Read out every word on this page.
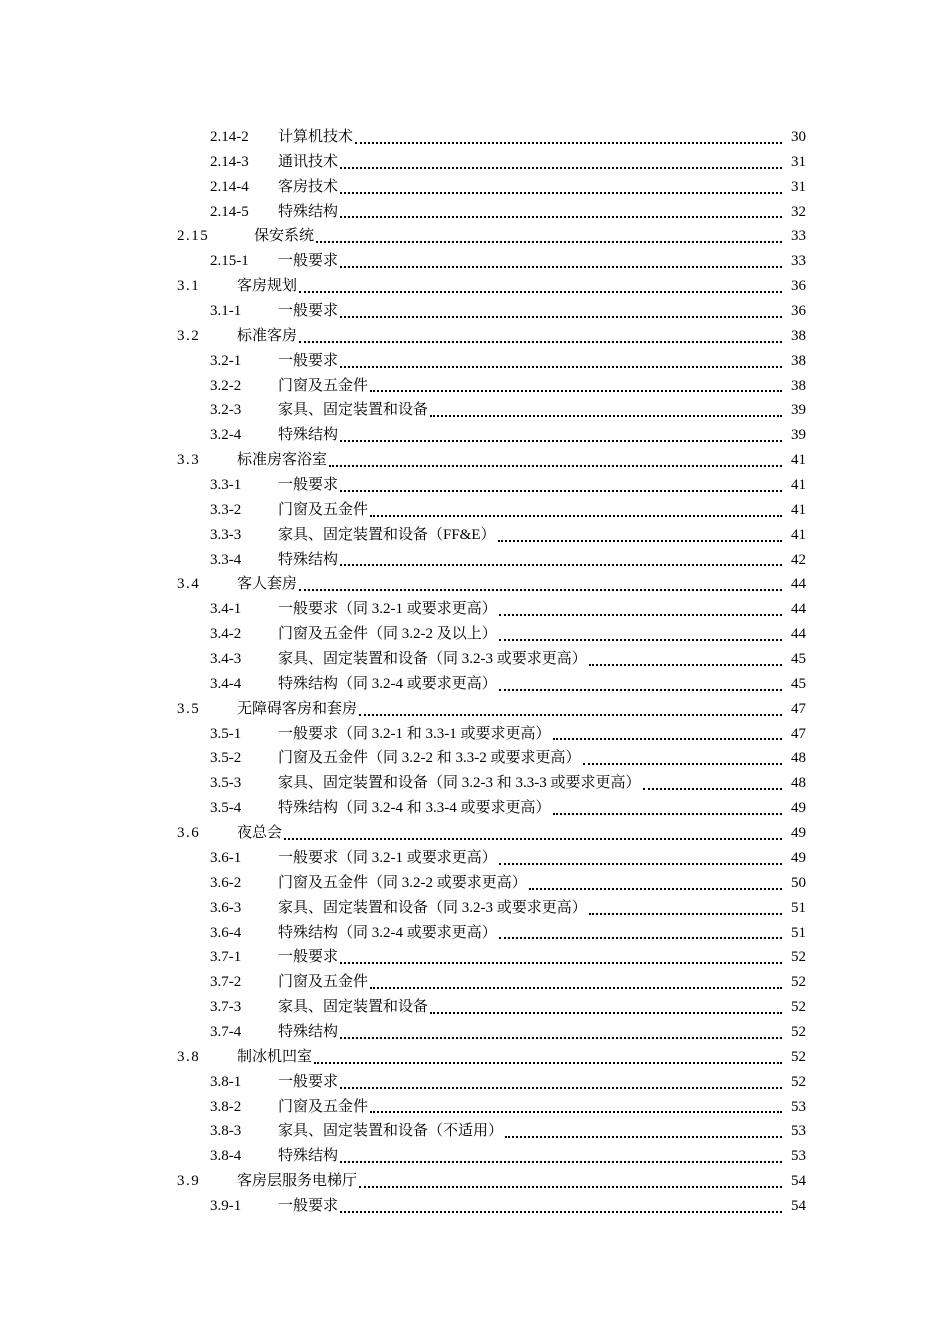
2.14-2 计算机技术	30
2.14-3 通讯技术	31
2.14-4 客房技术	31
2.14-5 特殊结构	32
2.15	保安系统	33
2.15-1 一般要求	33
3.1 客房规划	36
3.1-1 一般要求	36
3.2 标准客房	38
3.2-1 一般要求	38
3.2-2 门窗及五金件	38
3.2-3 家具、固定装置和设备	39
3.2-4 特殊结构	39
3.3 标准房客浴室	41
3.3-1 一般要求	41
3.3-2 门窗及五金件	41
3.3-3 家具、固定装置和设备（FF&E）	41
3.3-4 特殊结构	42
3.4 客人套房	44
3.4-1 一般要求（同 3.2-1 或要求更高）	44
3.4-2 门窗及五金件（同 3.2-2 及以上）	44
3.4-3 家具、固定装置和设备（同 3.2-3 或要求更高）	45
3.4-4 特殊结构（同 3.2-4 或要求更高）	45
3.5 无障碍客房和套房	47
3.5-1 一般要求（同 3.2-1 和 3.3-1 或要求更高）	47
3.5-2 门窗及五金件（同 3.2-2 和 3.3-2 或要求更高）	48
3.5-3 家具、固定装置和设备（同 3.2-3 和 3.3-3 或要求更高）	48
3.5-4 特殊结构（同 3.2-4 和 3.3-4 或要求更高）	49
3.6 夜总会	49
3.6-1 一般要求（同 3.2-1 或要求更高）	49
3.6-2 门窗及五金件（同 3.2-2 或要求更高）	50
3.6-3 家具、固定装置和设备（同 3.2-3 或要求更高）	51
3.6-4 特殊结构（同 3.2-4 或要求更高）	51
3.7-1 一般要求	52
3.7-2 门窗及五金件	52
3.7-3 家具、固定装置和设备	52
3.7-4 特殊结构	52
3.8 制冰机凹室	52
3.8-1 一般要求	52
3.8-2 门窗及五金件	53
3.8-3 家具、固定装置和设备（不适用）	53
3.8-4 特殊结构	53
3.9 客房层服务电梯厅	54
3.9-1 一般要求	54
